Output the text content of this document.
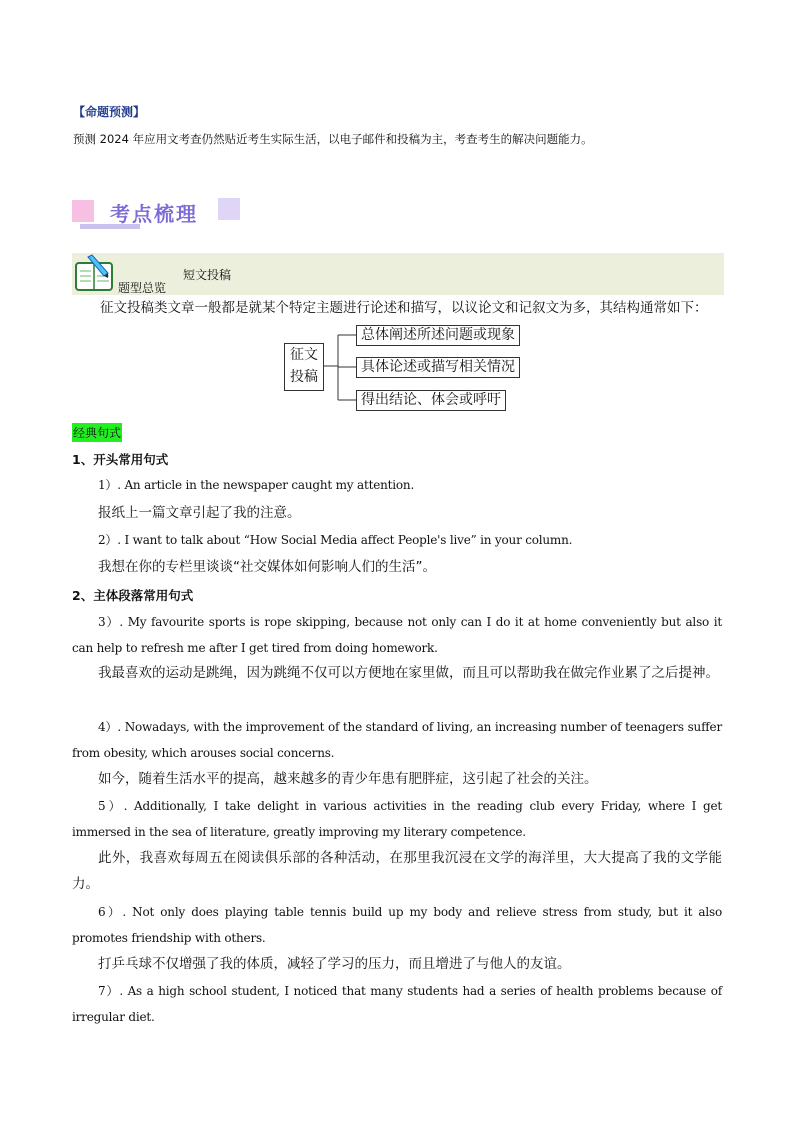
【命题预测】
预测 2024 年应用文考查仍然贴近考生实际生活，以电子邮件和投稿为主，考查考生的解决问题能力。
考点梳理
题型总览
短文投稿
征文投稿类文章一般都是就某个特定主题进行论述和描写，以议论文和记叙文为多，其结构通常如下：
征文
投稿
总体阐述所述问题或现象
具体论述或描写相关情况
得出结论、体会或呼吁
经典句式
1、开头常用句式
1）. An article in the newspaper caught my attention.
报纸上一篇文章引起了我的注意。
2）. I want to talk about “How Social Media affect People's live” in your column.
我想在你的专栏里谈谈“社交媒体如何影响人们的生活”。
2、主体段落常用句式
3）. My favourite sports is rope skipping, because not only can I do it at home conveniently but also it can help to refresh me after I get tired from doing homework.
我最喜欢的运动是跳绳，因为跳绳不仅可以方便地在家里做，而且可以帮助我在做完作业累了之后提神。
4）. Nowadays, with the improvement of the standard of living, an increasing number of teenagers suffer from obesity, which arouses social concerns.
如今，随着生活水平的提高，越来越多的青少年患有肥胖症，这引起了社会的关注。
5）. Additionally, I take delight in various activities in the reading club every Friday, where I get immersed in the sea of literature, greatly improving my literary competence.
此外，我喜欢每周五在阅读俱乐部的各种活动，在那里我沉浸在文学的海洋里，大大提高了我的文学能力。
6）. Not only does playing table tennis build up my body and relieve stress from study, but it also promotes friendship with others.
打乒乓球不仅增强了我的体质，减轻了学习的压力，而且增进了与他人的友谊。
7）. As a high school student, I noticed that many students had a series of health problems because of irregular diet.
